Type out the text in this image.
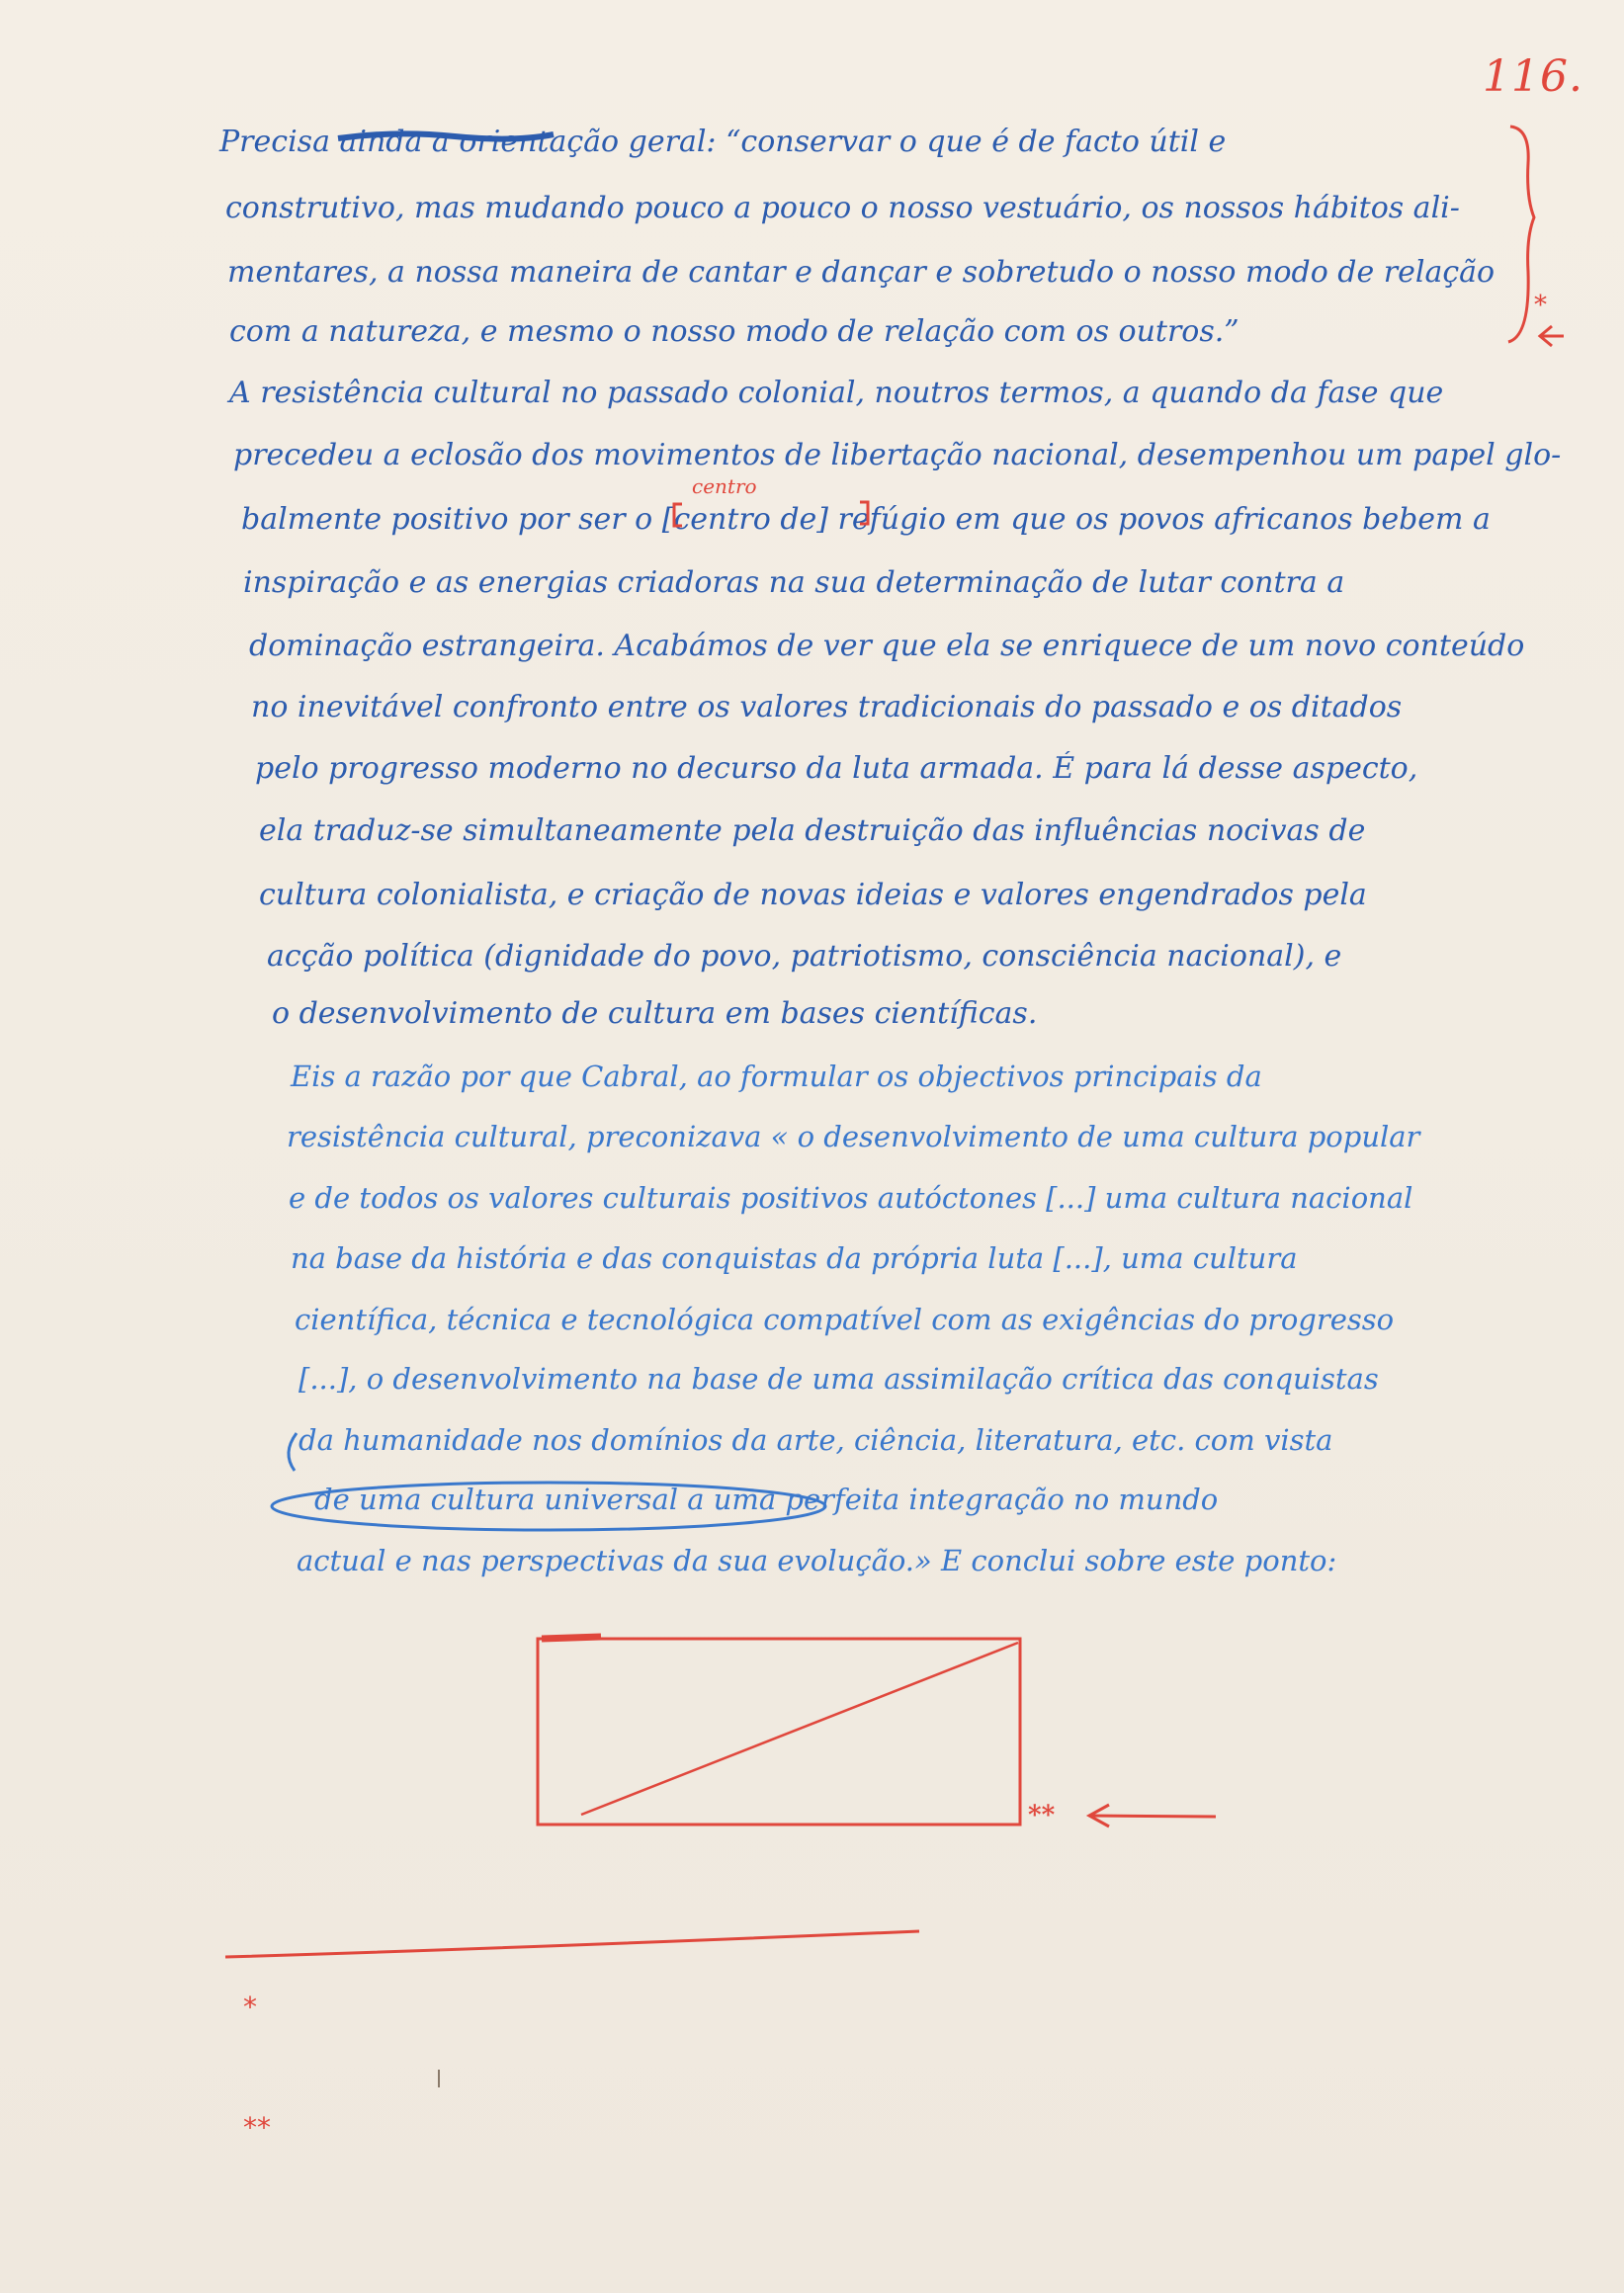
116.
Precisa ainda a orientação geral: “conservar o que é de facto útil e
construtivo, mas mudando pouco a pouco o nosso vestuário, os nossos hábitos ali-
mentares, a nossa maneira de cantar e dançar e sobretudo o nosso modo de relação
com a natureza, e mesmo o nosso modo de relação com os outros.”
A resistência cultural no passado colonial, noutros termos, a quando da fase que
precedeu a eclosão dos movimentos de libertação nacional, desempenhou um papel glo-
balmente positivo por ser o [centro de] refúgio em que os povos africanos bebem a
inspiração e as energias criadoras na sua determinação de lutar contra a
dominação estrangeira. Acabámos de ver que ela se enriquece de um novo conteúdo
no inevitável confronto entre os valores tradicionais do passado e os ditados
pelo progresso moderno no decurso da luta armada. É para lá desse aspecto,
ela traduz-se simultaneamente pela destruição das influências nocivas de
cultura colonialista, e criação de novas ideias e valores engendrados pela
acção política (dignidade do povo, patriotismo, consciência nacional), e
o desenvolvimento de cultura em bases científicas.
Eis a razão por que Cabral, ao formular os objectivos principais da
resistência cultural, preconizava « o desenvolvimento de uma cultura popular
e de todos os valores culturais positivos autóctones [...] uma cultura nacional
na base da história e das conquistas da própria luta [...], uma cultura
científica, técnica e tecnológica compatível com as exigências do progresso
[...], o desenvolvimento na base de uma assimilação crítica das conquistas
da humanidade nos domínios da arte, ciência, literatura, etc. com vista
de uma cultura universal a uma perfeita integração no mundo
actual e nas perspectivas da sua evolução.» E conclui sobre este ponto:
centro
*
**
*
**
